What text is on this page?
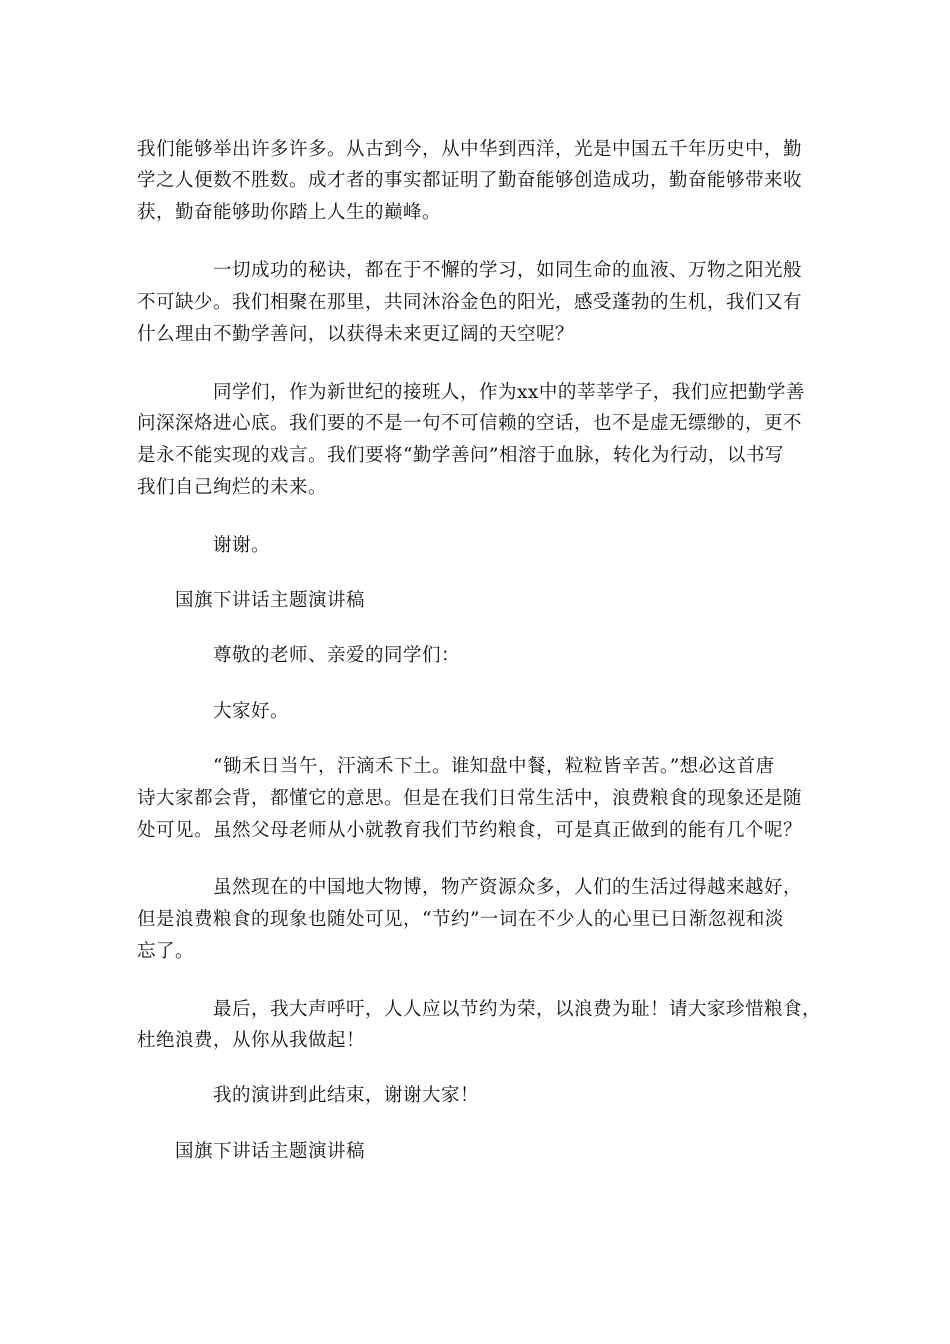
我们能够举出许多许多。从古到今，从中华到西洋，光是中国五千年历史中，勤

学之人便数不胜数。成才者的事实都证明了勤奋能够创造成功，勤奋能够带来收

获，勤奋能够助你踏上人生的巅峰。

一切成功的秘诀，都在于不懈的学习，如同生命的血液、万物之阳光般

不可缺少。我们相聚在那里，共同沐浴金色的阳光，感受蓬勃的生机，我们又有

什么理由不勤学善问，以获得未来更辽阔的天空呢？

同学们，作为新世纪的接班人，作为xx中的莘莘学子，我们应把勤学善

问深深烙进心底。我们要的不是一句不可信赖的空话，也不是虚无缥缈的，更不

是永不能实现的戏言。我们要将“勤学善问”相溶于血脉，转化为行动，以书写

我们自己绚烂的未来。

谢谢。

国旗下讲话主题演讲稿

尊敬的老师、亲爱的同学们：

大家好。

“锄禾日当午，汗滴禾下土。谁知盘中餐，粒粒皆辛苦。”想必这首唐

诗大家都会背，都懂它的意思。但是在我们日常生活中，浪费粮食的现象还是随

处可见。虽然父母老师从小就教育我们节约粮食，可是真正做到的能有几个呢？

虽然现在的中国地大物博，物产资源众多，人们的生活过得越来越好，

但是浪费粮食的现象也随处可见，“节约”一词在不少人的心里已日渐忽视和淡

忘了。

最后，我大声呼吁，人人应以节约为荣，以浪费为耻！请大家珍惜粮食，

杜绝浪费，从你从我做起！

我的演讲到此结束，谢谢大家！

国旗下讲话主题演讲稿
